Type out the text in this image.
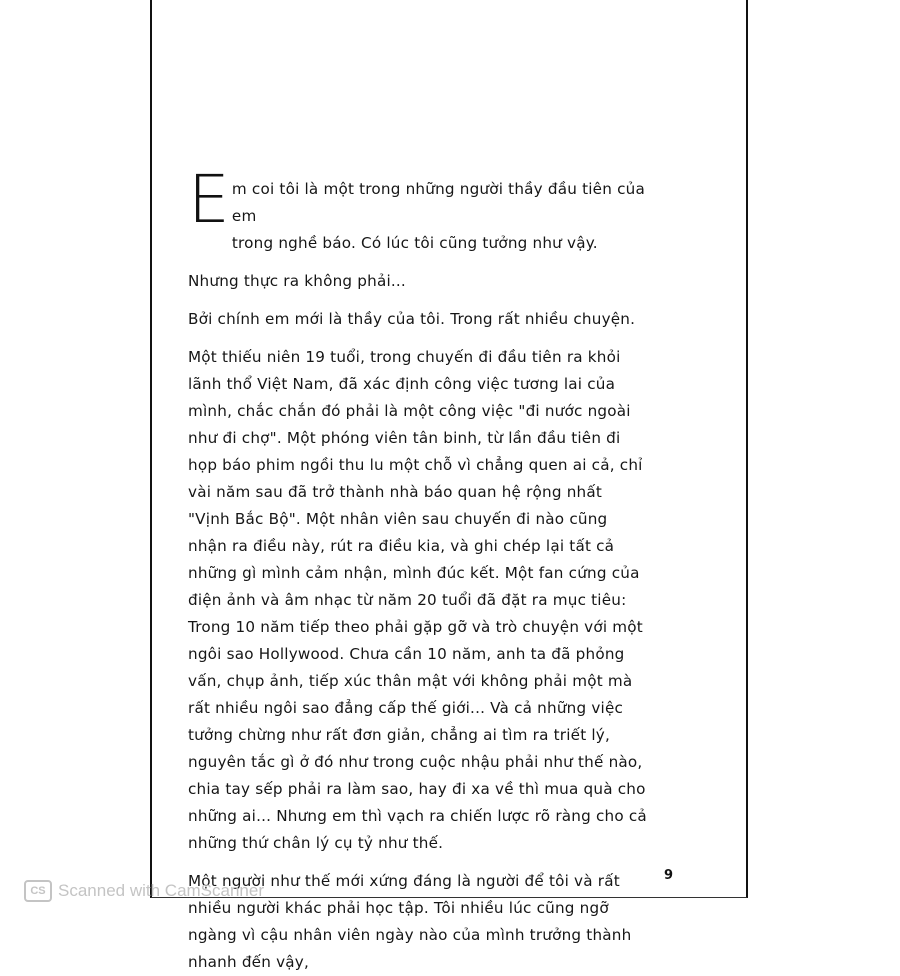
E m coi tôi là một trong những người thầy đầu tiên của em
trong nghề báo. Có lúc tôi cũng tưởng như vậy.

Nhưng thực ra không phải...

Bởi chính em mới là thầy của tôi. Trong rất nhiều chuyện.

Một thiếu niên 19 tuổi, trong chuyến đi đầu tiên ra khỏi lãnh thổ Việt Nam, đã xác định công việc tương lai của mình, chắc chắn đó phải là một công việc "đi nước ngoài như đi chợ". Một phóng viên tân binh, từ lần đầu tiên đi họp báo phim ngồi thu lu một chỗ vì chẳng quen ai cả, chỉ vài năm sau đã trở thành nhà báo quan hệ rộng nhất "Vịnh Bắc Bộ". Một nhân viên sau chuyến đi nào cũng nhận ra điều này, rút ra điều kia, và ghi chép lại tất cả những gì mình cảm nhận, mình đúc kết. Một fan cứng của điện ảnh và âm nhạc từ năm 20 tuổi đã đặt ra mục tiêu: Trong 10 năm tiếp theo phải gặp gỡ và trò chuyện với một ngôi sao Hollywood. Chưa cần 10 năm, anh ta đã phỏng vấn, chụp ảnh, tiếp xúc thân mật với không phải một mà rất nhiều ngôi sao đẳng cấp thế giới... Và cả những việc tưởng chừng như rất đơn giản, chẳng ai tìm ra triết lý, nguyên tắc gì ở đó như trong cuộc nhậu phải như thế nào, chia tay sếp phải ra làm sao, hay đi xa về thì mua quà cho những ai... Nhưng em thì vạch ra chiến lược rõ ràng cho cả những thứ chân lý cụ tỷ như thế.

Một người như thế mới xứng đáng là người để tôi và rất nhiều người khác phải học tập. Tôi nhiều lúc cũng ngỡ ngàng vì cậu nhân viên ngày nào của mình trưởng thành nhanh đến vậy,

9
CS Scanned with CamScanner
